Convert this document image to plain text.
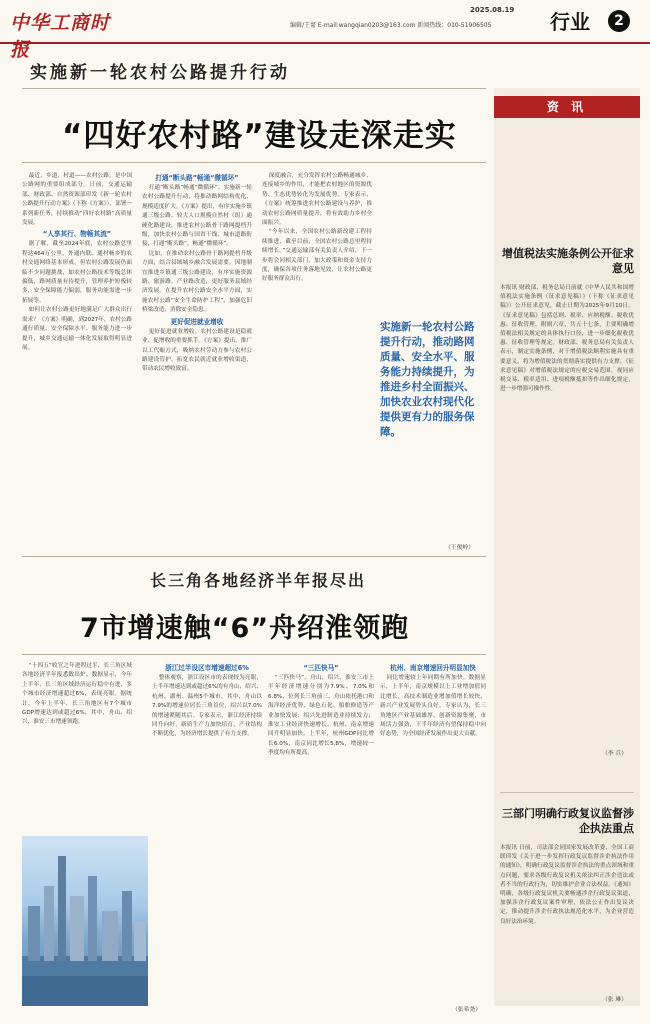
中华工商时报
2025.08.19
编辑/王蔷 E-mail:wangqian0203@163.com 新闻热线：010-51906505	行业	2
实施新一轮农村公路提升行动
“四好农村路”建设走深走实

最近，乡道、村道——农村公路，是中国公路网的重要组成部分。日前，交通运输部、财政部、自然资源部印发《新一轮农村公路提升行动方案》（下称《方案》），部署一系列新任务，持续推动“四好农村路”高质量发展。

“人享其行、物畅其流”

据了解，截至2024年底，农村公路总里程达464万公里，外通内联、通村畅乡的农村交通网络基本形成。但农村公路发展仍面临不少问题挑战，如农村公路技术等级总体偏低，路网质量有待提升，管理养护短板较多，安全保障能力偏弱，服务功能需进一步拓展等。

如何让农村公路更好地满足广大群众出行需求？《方案》明确，到2027年，农村公路通行质量、安全保障水平、服务能力进一步提升，城乡交通运输一体化发展取得明显进展。

打通“断头路”畅通“微循环”

打通“断头路”畅通“微循环”。实施新一轮农村公路提升行动，将推动路网结构优化、规模适度扩大。《方案》提出，有序实施乡镇通三级公路、较大人口规模自然村（组）通硬化路建设，推进农村公路骨干路网提档升级，加快农村公路与国省干线、城市道路衔接，打通“断头路”，畅通“微循环”。

比如，在推动农村公路骨干路网提档升级方面，结合县域城乡融合发展需要，因地制宜推进乡镇通三级公路建设，有序实施资源路、旅游路、产业路改造，更好服务县域经济发展。在提升农村公路安全水平方面，实施农村公路“安全生命防护工程”，加强危旧桥梁改造，消除安全隐患。

更好促进就业增收

更好促进就业增收。农村公路建设是稳就业、促增收的重要抓手。《方案》提出，推广以工代赈方式，吸纳农村劳动力参与农村公路建设管护，拓宽农民就近就业增收渠道，带动农民增收致富。

深度融合，充分发挥农村公路畅通城乡、连接城乡的作用，才能把农村地区的资源优势、生态优势转化为发展优势。专家表示，《方案》统筹推进农村公路建设与养护，推动农村公路网质量提升，将有效助力乡村全面振兴。

“今年以来，全国农村公路新改建工程持续推进，截至目前，全国农村公路总里程持续增长。”交通运输部有关负责人介绍，下一步将会同相关部门，加大政策和资金支持力度，确保各项任务落地见效，让农村公路更好服务群众出行。

实施新一轮农村公路提升行动，推动路网质量、安全水平、服务能力持续提升，为推进乡村全面振兴、加快农业农村现代化提供更有力的服务保障。
（王俊岭）
长三角各地经济半年报尽出
7市增速触“6”舟绍淮领跑

“十四五”收官之年进程过半，长三角区域各地经济半年报悉数出炉。数据显示，今年上半年，长三角区域经济运行稳中有进，多个城市经济增速超过6%，表现亮眼。据统计，今年上半年，长三角地区有7个城市GDP增速达到或超过6%，其中，舟山、绍兴、淮安三市增速领跑。

浙江过半设区市增速超过6%

整体观察，浙江设区市的表现较为亮眼，上半年增速达到或超过6%的有舟山、绍兴、杭州、湖州、温州5个城市。其中，舟山以7.9%的增速位居长三角首位，绍兴以7.0%的增速紧随其后。专家表示，浙江经济持续回升向好，新质生产力加快培育，产业结构不断优化，为经济增长提供了有力支撑。

“三匹快马”

“三匹快马”。舟山、绍兴、淮安三市上半年经济增速分别为7.9%、7.0%和6.8%，位列长三角前三。舟山依托港口和海洋经济优势，绿色石化、船舶修造等产业加快发展；绍兴先进制造业持续发力；淮安工业经济快速增长。杭州、南京增速回升明显加快。上半年，杭州GDP同比增长6.0%，南京同比增长5.8%，增速较一季度均有所提高。

杭州、南京增速回升明显加快

同比增速较上年同期有所加快。数据显示，上半年，南京规模以上工业增加值同比增长，高技术制造业增加值增长较快，新兴产业发展势头良好。专家认为，长三角地区产业基础雄厚，创新资源集聚，市场活力强劲，下半年经济有望保持稳中向好态势，为全国经济发展作出更大贡献。

（张希尧）
资 讯
增值税法实施条例公开征求意见
本报讯 财政部、税务总局日前就《中华人民共和国增值税法实施条例（征求意见稿）》（下称《征求意见稿》）公开征求意见，截止日期为2025年9月10日。《征求意见稿》包括总则、税率、应纳税额、税收优惠、征收管理、附则六章，共五十七条，主要明确增值税法相关规定的具体执行口径，进一步细化税收优惠、征收管理等规定。财政部、税务总局有关负责人表示，制定实施条例，对于增值税法顺利实施具有重要意义，将为增值税法的贯彻落实提供有力支撑。《征求意见稿》对增值税法规定的应税交易范围、视同应税交易、税率适用、进项税额抵扣等作出细化规定，进一步增强可操作性。
（李 兵）
三部门明确行政复议监督涉企执法重点
本报讯 日前，司法部会同国家发展改革委、全国工商联印发《关于进一步发挥行政复议监督涉企执法作用的通知》，明确行政复议监督涉企执法的重点领域和重点问题，要求各级行政复议机关依法纠正涉企违法或者不当的行政行为，切实维护企业合法权益。《通知》明确，各级行政复议机关要畅通涉企行政复议渠道，加强涉企行政复议案件审理，依法公正作出复议决定，推动提升涉企行政执法规范化水平，为企业营造良好法治环境。
（张 琳）
